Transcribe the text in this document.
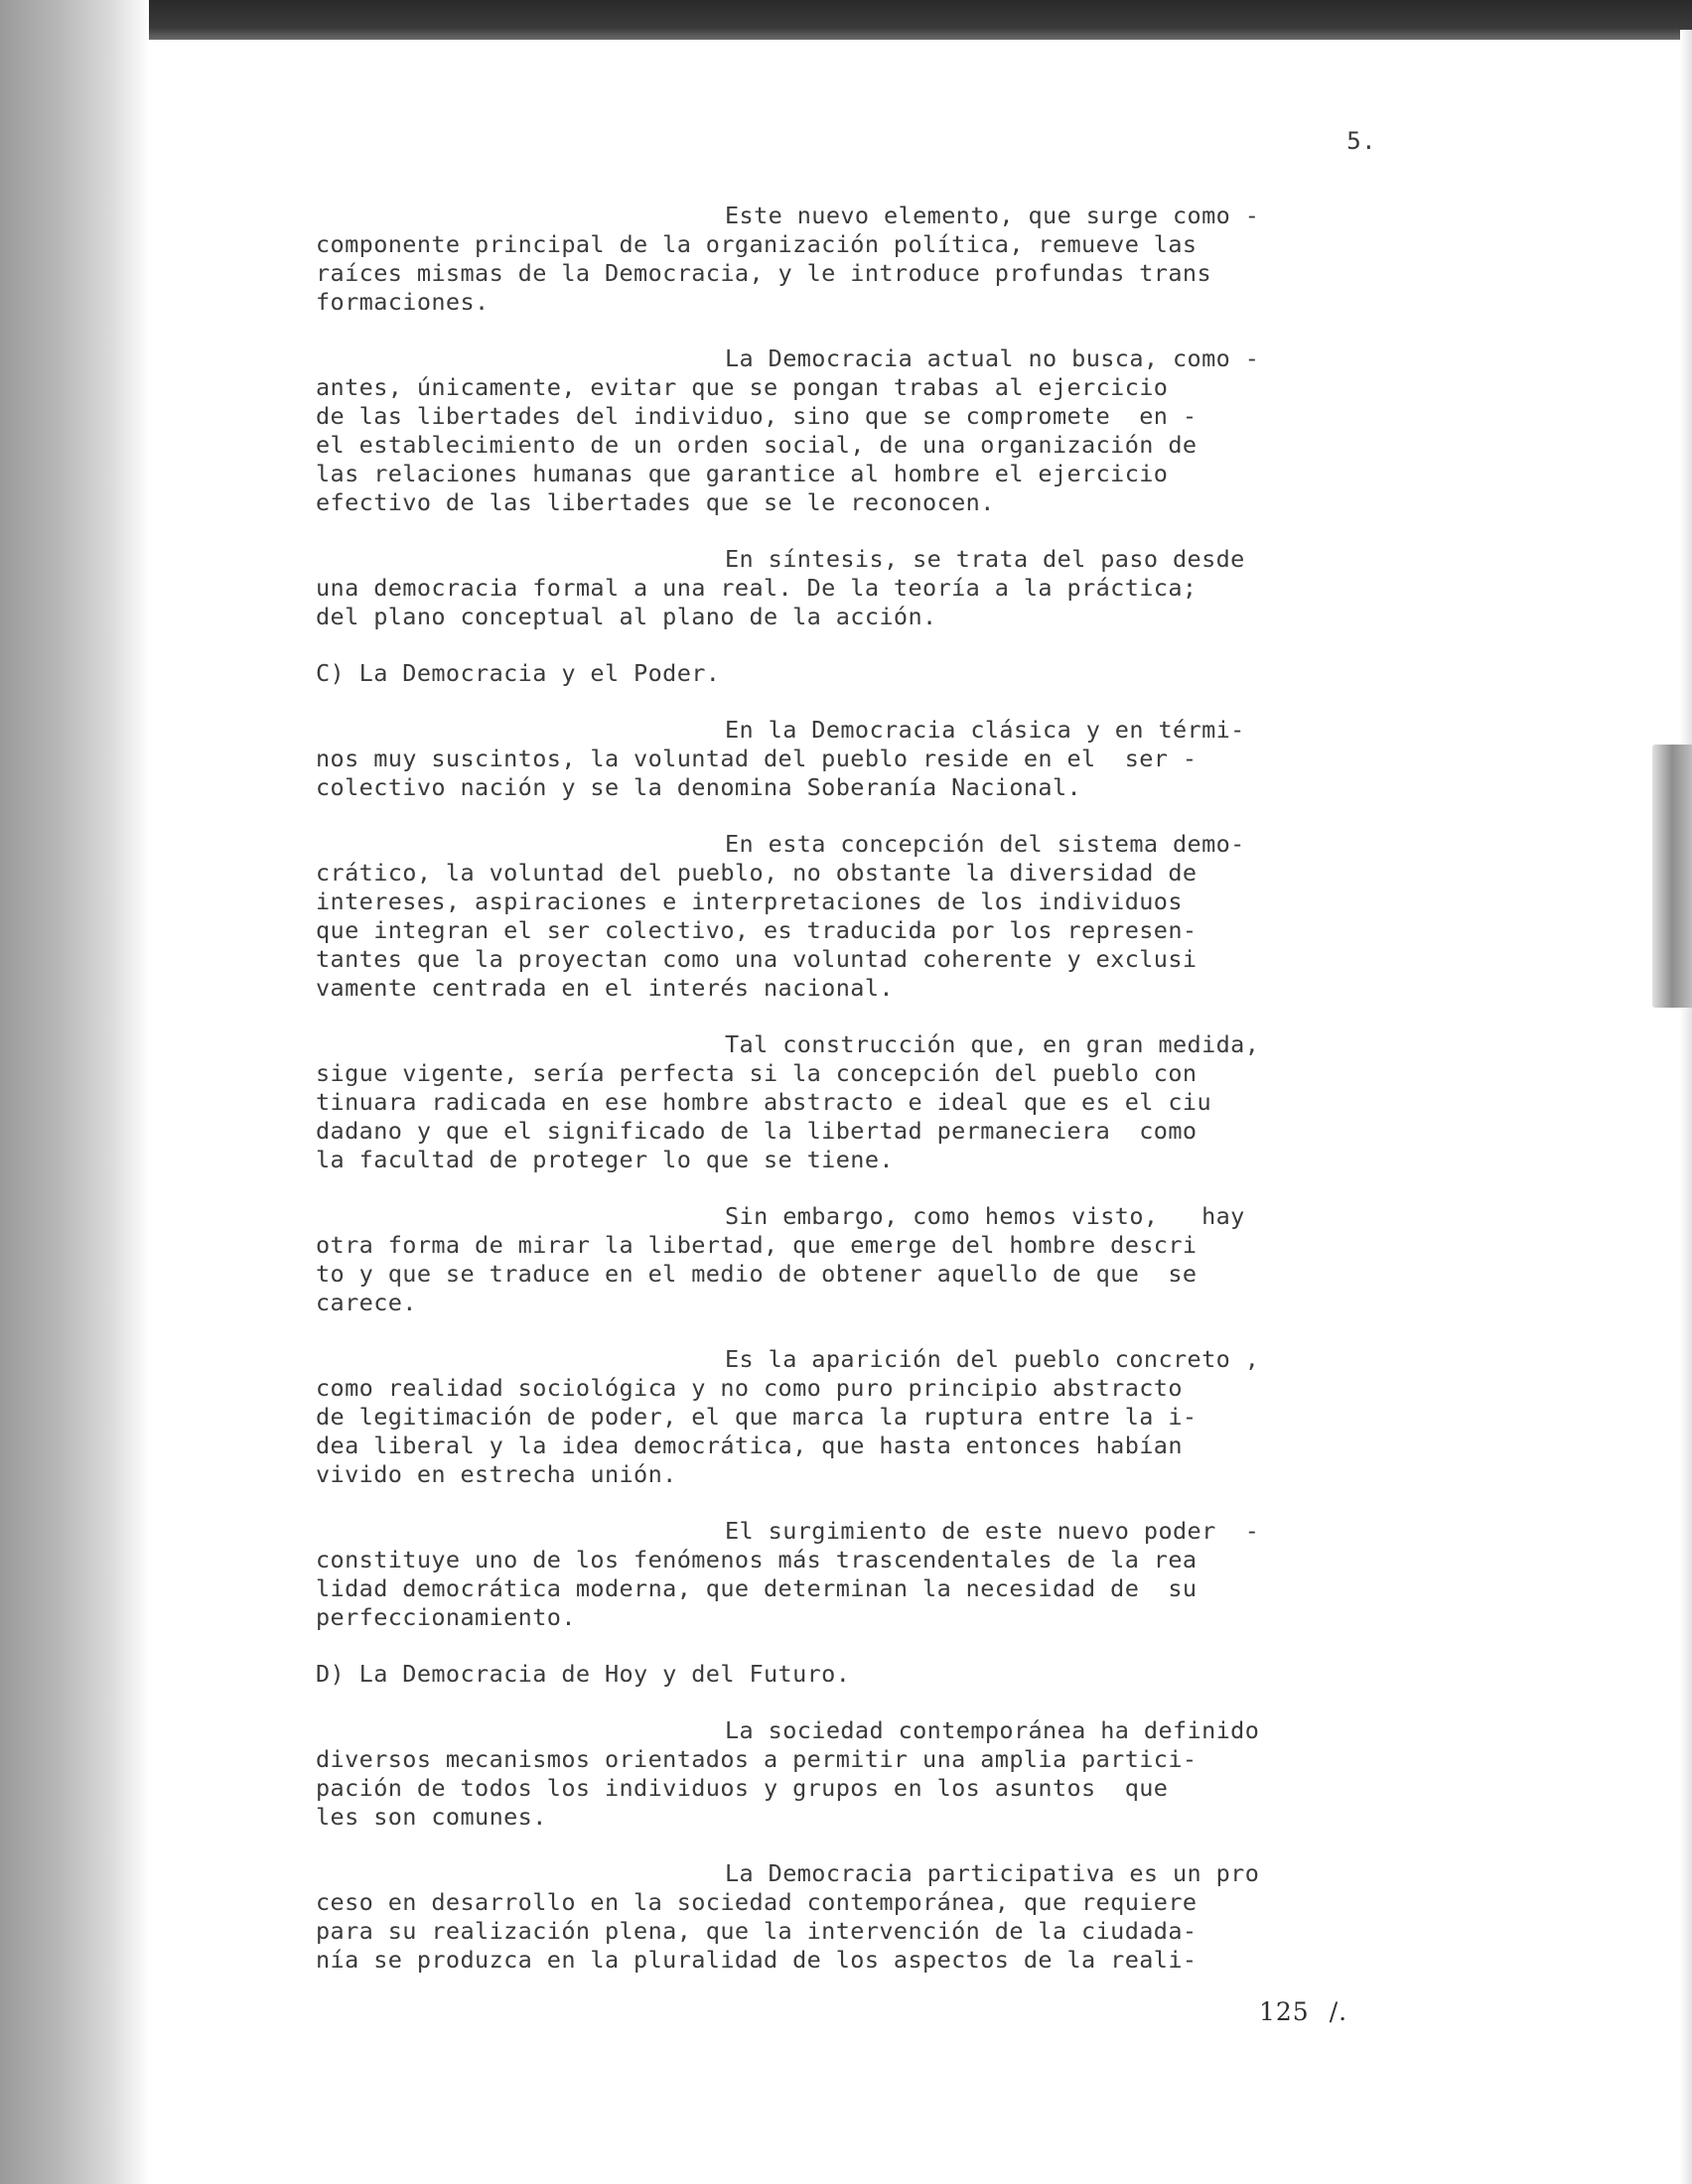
5.
Este nuevo elemento, que surge como -
componente principal de la organización política, remueve las
raíces mismas de la Democracia, y le introduce profundas trans
formaciones.
La Democracia actual no busca, como -
antes, únicamente, evitar que se pongan trabas al ejercicio
de las libertades del individuo, sino que se compromete  en -
el establecimiento de un orden social, de una organización de
las relaciones humanas que garantice al hombre el ejercicio
efectivo de las libertades que se le reconocen.
En síntesis, se trata del paso desde
una democracia formal a una real. De la teoría a la práctica;
del plano conceptual al plano de la acción.
C) La Democracia y el Poder.
En la Democracia clásica y en térmi-
nos muy suscintos, la voluntad del pueblo reside en el  ser -
colectivo nación y se la denomina Soberanía Nacional.
En esta concepción del sistema demo-
crático, la voluntad del pueblo, no obstante la diversidad de
intereses, aspiraciones e interpretaciones de los individuos
que integran el ser colectivo, es traducida por los represen-
tantes que la proyectan como una voluntad coherente y exclusi
vamente centrada en el interés nacional.
Tal construcción que, en gran medida,
sigue vigente, sería perfecta si la concepción del pueblo con
tinuara radicada en ese hombre abstracto e ideal que es el ciu
dadano y que el significado de la libertad permaneciera  como
la facultad de proteger lo que se tiene.
Sin embargo, como hemos visto,   hay
otra forma de mirar la libertad, que emerge del hombre descri
to y que se traduce en el medio de obtener aquello de que  se
carece.
Es la aparición del pueblo concreto ,
como realidad sociológica y no como puro principio abstracto
de legitimación de poder, el que marca la ruptura entre la i-
dea liberal y la idea democrática, que hasta entonces habían
vivido en estrecha unión.
El surgimiento de este nuevo poder  -
constituye uno de los fenómenos más trascendentales de la rea
lidad democrática moderna, que determinan la necesidad de  su
perfeccionamiento.
D) La Democracia de Hoy y del Futuro.
La sociedad contemporánea ha definido
diversos mecanismos orientados a permitir una amplia partici-
pación de todos los individuos y grupos en los asuntos  que
les son comunes.
La Democracia participativa es un pro
ceso en desarrollo en la sociedad contemporánea, que requiere
para su realización plena, que la intervención de la ciudada-
nía se produzca en la pluralidad de los aspectos de la reali-
125 /.
